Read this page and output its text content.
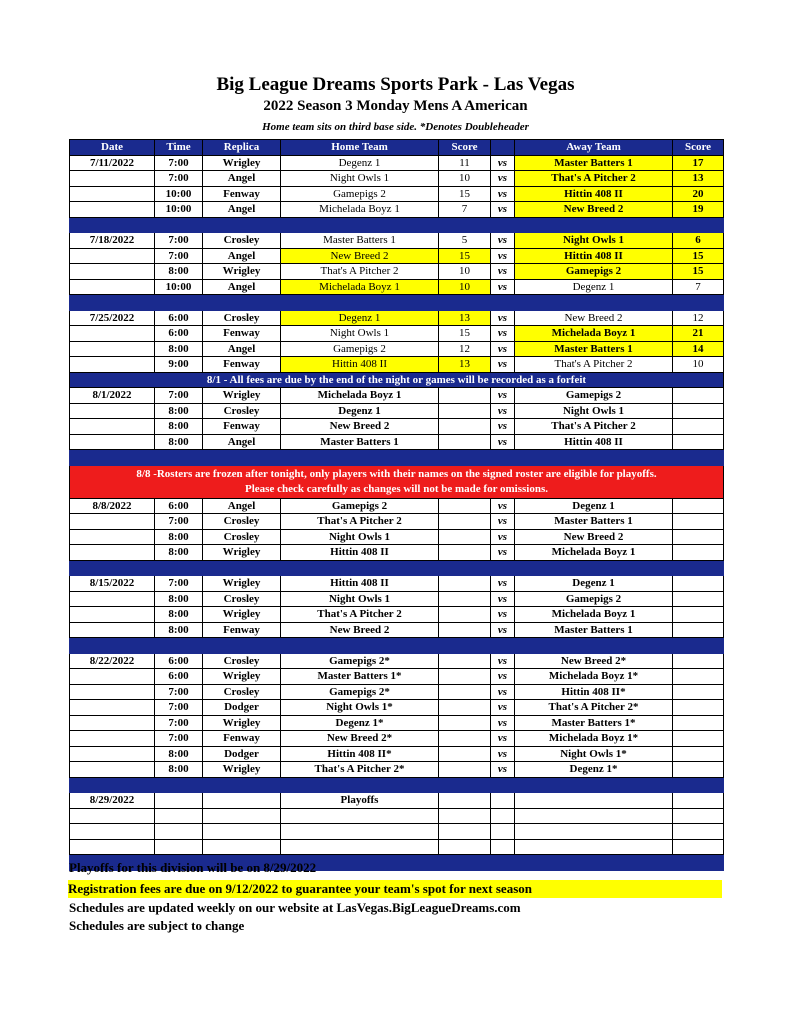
Big League Dreams Sports Park - Las Vegas
2022 Season 3 Monday Mens A American
Home team sits on third base side. *Denotes Doubleheader
Date	Time	Replica	Home Team	Score		Away Team	Score
7/11/2022	7:00	Wrigley	Degenz 1	11	vs	Master Batters 1	17
	7:00	Angel	Night Owls 1	10	vs	That's A Pitcher 2	13
	10:00	Fenway	Gamepigs 2	15	vs	Hittin 408 II	20
	10:00	Angel	Michelada Boyz 1	7	vs	New Breed 2	19

7/18/2022	7:00	Crosley	Master Batters 1	5	vs	Night Owls 1	6
	7:00	Angel	New Breed 2	15	vs	Hittin 408 II	15
	8:00	Wrigley	That's A Pitcher 2	10	vs	Gamepigs 2	15
	10:00	Angel	Michelada Boyz 1	10	vs	Degenz 1	7

7/25/2022	6:00	Crosley	Degenz 1	13	vs	New Breed 2	12
	6:00	Fenway	Night Owls 1	15	vs	Michelada Boyz 1	21
	8:00	Angel	Gamepigs 2	12	vs	Master Batters 1	14
	9:00	Fenway	Hittin 408 II	13	vs	That's A Pitcher 2	10
8/1 - All fees are due by the end of the night or games will be recorded as a forfeit							
8/1/2022	7:00	Wrigley	Michelada Boyz 1		vs	Gamepigs 2	
	8:00	Crosley	Degenz 1		vs	Night Owls 1	
	8:00	Fenway	New Breed 2		vs	That's A Pitcher 2	
	8:00	Angel	Master Batters 1		vs	Hittin 408 II	

8/8 -Rosters are frozen after tonight, only players with their names on the signed roster are eligible for playoffs.
Please check carefully as changes will not be made for omissions.							

8/8/2022	6:00	Angel	Gamepigs 2		vs	Degenz 1	
	7:00	Crosley	That's A Pitcher 2		vs	Master Batters 1	
	8:00	Crosley	Night Owls 1		vs	New Breed 2	
	8:00	Wrigley	Hittin 408 II		vs	Michelada Boyz 1	

8/15/2022	7:00	Wrigley	Hittin 408 II		vs	Degenz 1	
	8:00	Crosley	Night Owls 1		vs	Gamepigs 2	
	8:00	Wrigley	That's A Pitcher 2		vs	Michelada Boyz 1	
	8:00	Fenway	New Breed 2		vs	Master Batters 1	

8/22/2022	6:00	Crosley	Gamepigs 2*		vs	New Breed 2*	
	6:00	Wrigley	Master Batters 1*		vs	Michelada Boyz 1*	
	7:00	Crosley	Gamepigs 2*		vs	Hittin 408 II*	
	7:00	Dodger	Night Owls 1*		vs	That's A Pitcher 2*	
	7:00	Wrigley	Degenz 1*		vs	Master Batters 1*	
	7:00	Fenway	New Breed 2*		vs	Michelada Boyz 1*	
	8:00	Dodger	Hittin 408 II*		vs	Night Owls 1*	
	8:00	Wrigley	That's A Pitcher 2*		vs	Degenz 1*	

8/29/2022			Playoffs				

Playoffs for this division will be on 8/29/2022
Registration fees are due on 9/12/2022 to guarantee your team's spot for next season
Schedules are updated weekly on our website at LasVegas.BigLeagueDreams.com
Schedules are subject to change
